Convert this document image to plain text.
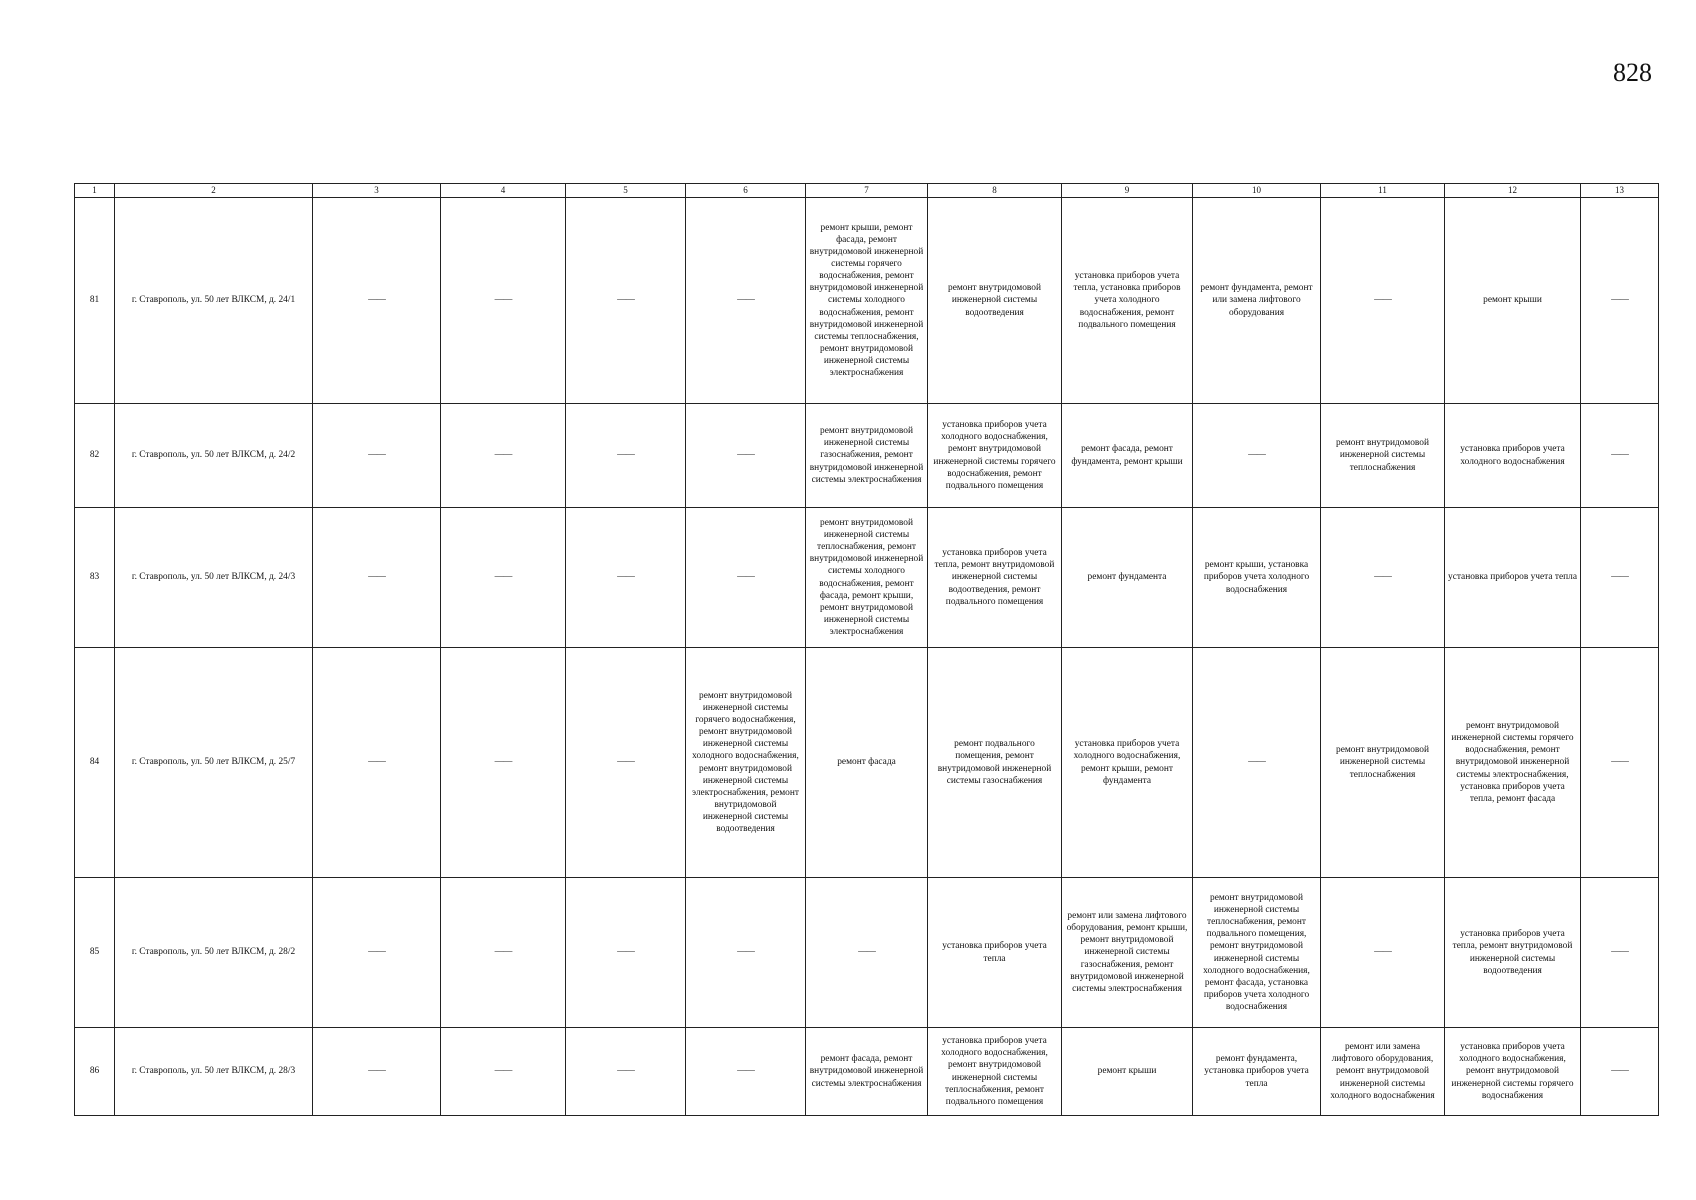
828
1	2	3	4	5	6	7	8	9	10	11	12	13
81	г. Ставрополь, ул. 50 лет ВЛКСМ, д. 24/1	——	——	——	——	ремонт крыши, ремонт фасада, ремонт внутридомовой инженерной системы горячего водоснабжения, ремонт внутридомовой инженерной системы холодного водоснабжения, ремонт внутридомовой инженерной системы теплоснабжения, ремонт внутридомовой инженерной системы электроснабжения	ремонт внутридомовой инженерной системы водоотведения	установка приборов учета тепла, установка приборов учета холодного водоснабжения, ремонт подвального помещения	ремонт фундамента, ремонт или замена лифтового оборудования	——	ремонт крыши	——
82	г. Ставрополь, ул. 50 лет ВЛКСМ, д. 24/2	——	——	——	——	ремонт внутридомовой инженерной системы газоснабжения, ремонт внутридомовой инженерной системы электроснабжения	установка приборов учета холодного водоснабжения, ремонт внутридомовой инженерной системы горячего водоснабжения, ремонт подвального помещения	ремонт фасада, ремонт фундамента, ремонт крыши	——	ремонт внутридомовой инженерной системы теплоснабжения	установка приборов учета холодного водоснабжения	——
83	г. Ставрополь, ул. 50 лет ВЛКСМ, д. 24/3	——	——	——	——	ремонт внутридомовой инженерной системы теплоснабжения, ремонт внутридомовой инженерной системы холодного водоснабжения, ремонт фасада, ремонт крыши, ремонт внутридомовой инженерной системы электроснабжения	установка приборов учета тепла, ремонт внутридомовой инженерной системы водоотведения, ремонт подвального помещения	ремонт фундамента	ремонт крыши, установка приборов учета холодного водоснабжения	——	установка приборов учета тепла	——
84	г. Ставрополь, ул. 50 лет ВЛКСМ, д. 25/7	——	——	——	ремонт внутридомовой инженерной системы горячего водоснабжения, ремонт внутридомовой инженерной системы холодного водоснабжения, ремонт внутридомовой инженерной системы электроснабжения, ремонт внутридомовой инженерной системы водоотведения	ремонт фасада	ремонт подвального помещения, ремонт внутридомовой инженерной системы газоснабжения	установка приборов учета холодного водоснабжения, ремонт крыши, ремонт фундамента	——	ремонт внутридомовой инженерной системы теплоснабжения	ремонт внутридомовой инженерной системы горячего водоснабжения, ремонт внутридомовой инженерной системы электроснабжения, установка приборов учета тепла, ремонт фасада	——
85	г. Ставрополь, ул. 50 лет ВЛКСМ, д. 28/2	——	——	——	——	——	установка приборов учета тепла	ремонт или замена лифтового оборудования, ремонт крыши, ремонт внутридомовой инженерной системы газоснабжения, ремонт внутридомовой инженерной системы электроснабжения	ремонт внутридомовой инженерной системы теплоснабжения, ремонт подвального помещения, ремонт внутридомовой инженерной системы холодного водоснабжения, ремонт фасада, установка приборов учета холодного водоснабжения	——	установка приборов учета тепла, ремонт внутридомовой инженерной системы водоотведения	——
86	г. Ставрополь, ул. 50 лет ВЛКСМ, д. 28/3	——	——	——	——	ремонт фасада, ремонт внутридомовой инженерной системы электроснабжения	установка приборов учета холодного водоснабжения, ремонт внутридомовой инженерной системы теплоснабжения, ремонт подвального помещения	ремонт крыши	ремонт фундамента, установка приборов учета тепла	ремонт или замена лифтового оборудования, ремонт внутридомовой инженерной системы холодного водоснабжения	установка приборов учета холодного водоснабжения, ремонт внутридомовой инженерной системы горячего водоснабжения	——
